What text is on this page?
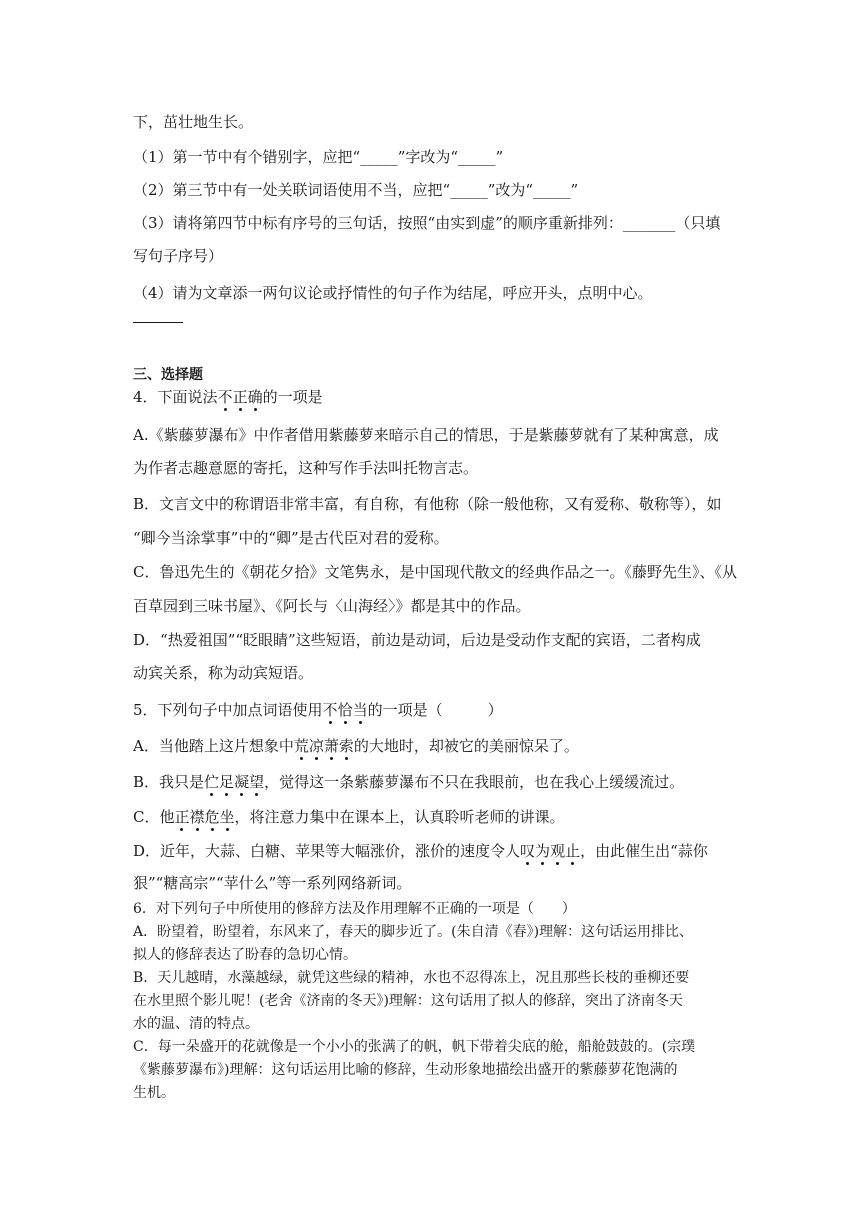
下，茁壮地生长。
（1）第一节中有个错别字，应把“_____”字改为“_____”
（2）第三节中有一处关联词语使用不当，应把“_____”改为“_____”
（3）请将第四节中标有序号的三句话，按照“由实到虚”的顺序重新排列：_______（只填
写句子序号）
（4）请为文章添一两句议论或抒情性的句子作为结尾，呼应开头，点明中心。
三、选择题
4．下面说法不正确的一项是
A.《紫藤萝瀑布》中作者借用紫藤萝来暗示自己的情思，于是紫藤萝就有了某种寓意，成
为作者志趣意愿的寄托，这种写作手法叫托物言志。
B．文言文中的称谓语非常丰富，有自称，有他称（除一般他称，又有爱称、敬称等），如
“卿今当涂掌事”中的“卿”是古代臣对君的爱称。
C．鲁迅先生的《朝花夕拾》文笔隽永，是中国现代散文的经典作品之一。《藤野先生》、《从
百草园到三味书屋》、《阿长与〈山海经〉》都是其中的作品。
D．“热爱祖国”“眨眼睛”这些短语，前边是动词，后边是受动作支配的宾语，二者构成
动宾关系，称为动宾短语。
5．下列句子中加点词语使用不恰当的一项是（　　　）
A．当他踏上这片想象中荒凉萧索的大地时，却被它的美丽惊呆了。
B．我只是伫足凝望，觉得这一条紫藤萝瀑布不只在我眼前，也在我心上缓缓流过。
C．他正襟危坐，将注意力集中在课本上，认真聆听老师的讲课。
D．近年，大蒜、白糖、苹果等大幅涨价，涨价的速度令人叹为观止，由此催生出“蒜你
狠”“糖高宗”“苹什么”等一系列网络新词。
6．对下列句子中所使用的修辞方法及作用理解不正确的一项是（　　）
A．盼望着，盼望着，东风来了，春天的脚步近了。(朱自清《春》)理解：这句话运用排比、
拟人的修辞表达了盼春的急切心情。
B．天儿越晴，水藻越绿，就凭这些绿的精神，水也不忍得冻上，况且那些长枝的垂柳还要
在水里照个影儿呢！(老舍《济南的冬天》)理解：这句话用了拟人的修辞，突出了济南冬天
水的温、清的特点。
C．每一朵盛开的花就像是一个小小的张满了的帆，帆下带着尖底的舱，船舱鼓鼓的。(宗璞
《紫藤萝瀑布》)理解：这句话运用比喻的修辞，生动形象地描绘出盛开的紫藤萝花饱满的
生机。
